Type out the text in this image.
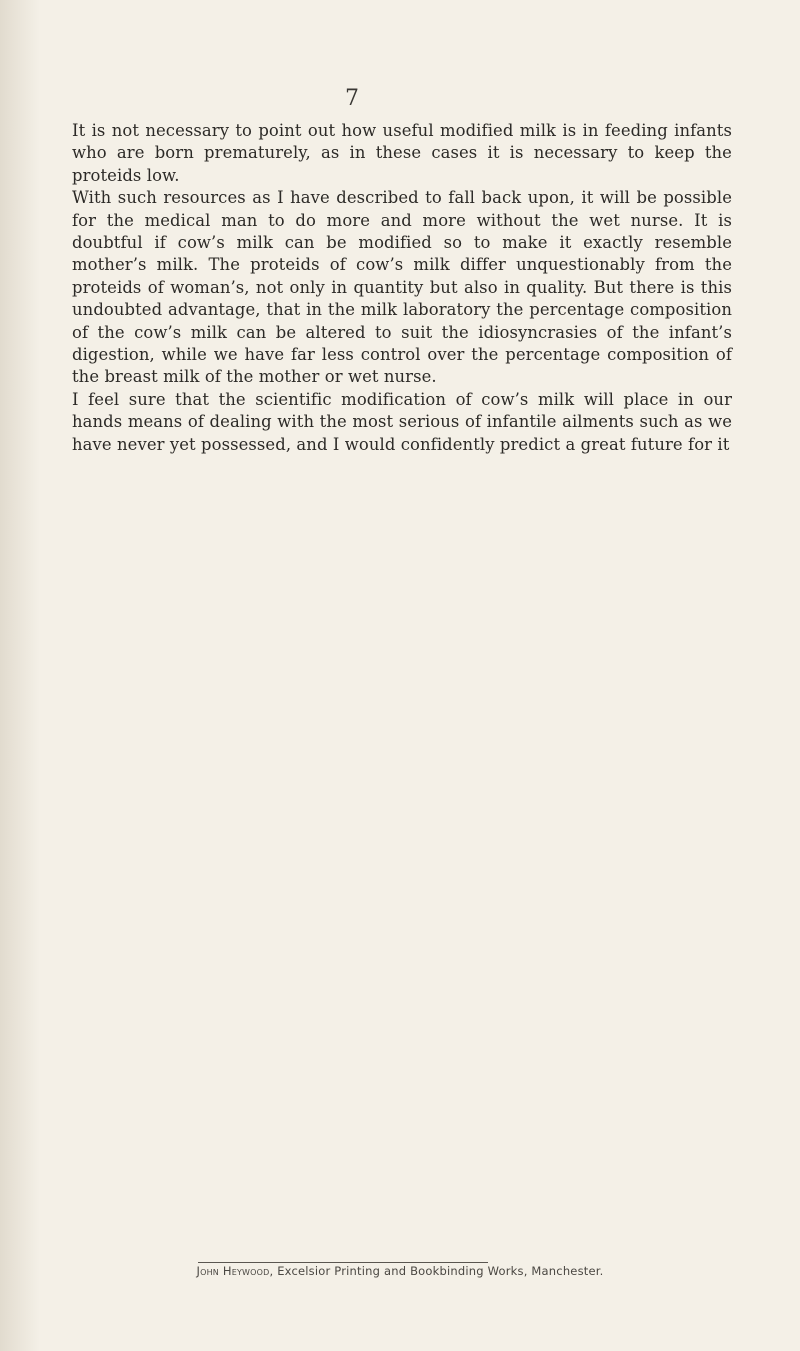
7

It is not necessary to point out how useful modified milk is in feeding infants who are born prematurely, as in these cases it is necessary to keep the proteids low.

With such resources as I have described to fall back upon, it will be possible for the medical man to do more and more without the wet nurse. It is doubtful if cow’s milk can be modified so to make it exactly resemble mother’s milk. The proteids of cow’s milk differ unquestionably from the proteids of woman’s, not only in quantity but also in quality. But there is this undoubted advantage, that in the milk laboratory the percentage composition of the cow’s milk can be altered to suit the idiosyncrasies of the infant’s digestion, while we have far less control over the percentage composition of the breast milk of the mother or wet nurse.

I feel sure that the scientific modification of cow’s milk will place in our hands means of dealing with the most serious of infantile ailments such as we have never yet possessed, and I would confidently predict a great future for it

John Heywood, Excelsior Printing and Bookbinding Works, Manchester.
